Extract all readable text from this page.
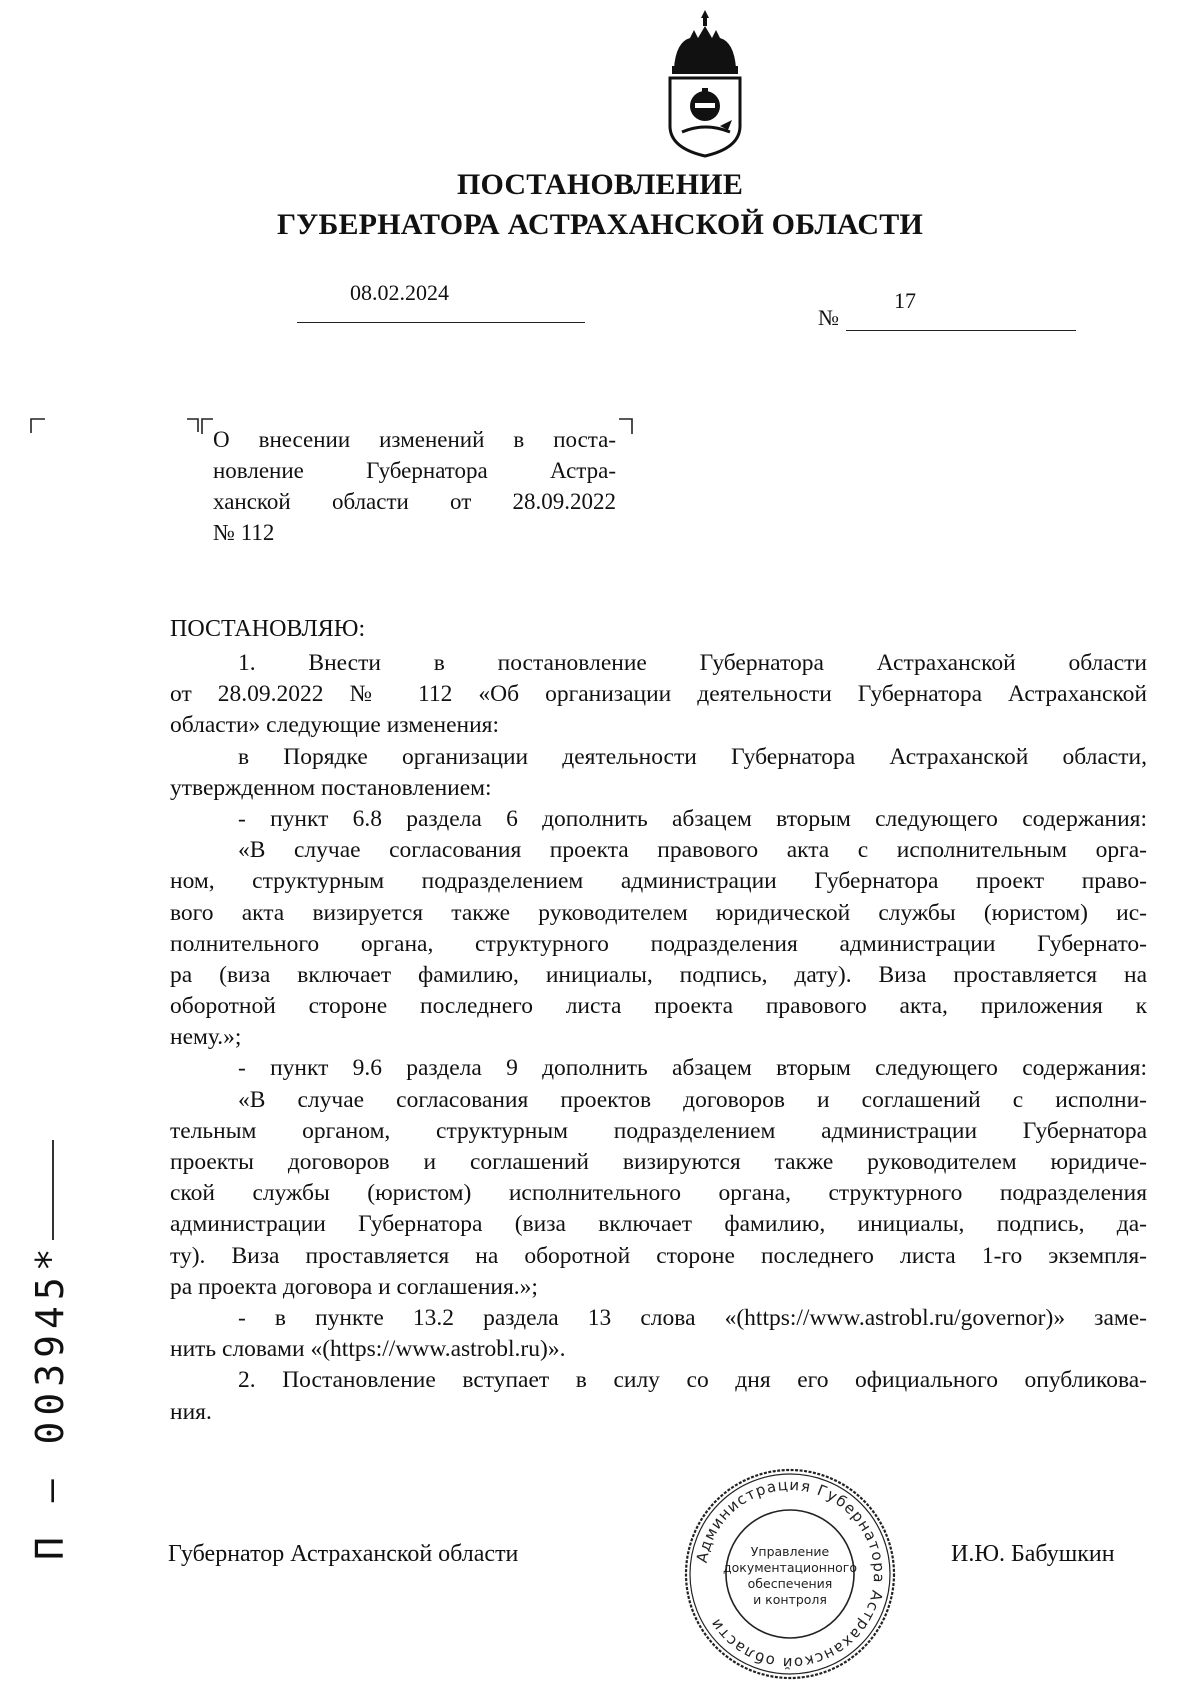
ПОСТАНОВЛЕНИЕ
ГУБЕРНАТОРА АСТРАХАНСКОЙ ОБЛАСТИ
08.02.2024
№
17
О внесении изменений в поста-
новление Губернатора Астра-
ханской области от 28.09.2022
№ 112
ПОСТАНОВЛЯЮ:
1. Внести в постановление Губернатора Астраханской области
от 28.09.2022 № 112 «Об организации деятельности Губернатора Астраханской
области» следующие изменения:
в Порядке организации деятельности Губернатора Астраханской области,
утвержденном постановлением:
- пункт 6.8 раздела 6 дополнить абзацем вторым следующего содержания:
«В случае согласования проекта правового акта с исполнительным орга-
ном, структурным подразделением администрации Губернатора проект право-
вого акта визируется также руководителем юридической службы (юристом) ис-
полнительного органа, структурного подразделения администрации Губернато-
ра (виза включает фамилию, инициалы, подпись, дату). Виза проставляется на
оборотной стороне последнего листа проекта правового акта, приложения к
нему.»;
- пункт 9.6 раздела 9 дополнить абзацем вторым следующего содержания:
«В случае согласования проектов договоров и соглашений с исполни-
тельным органом, структурным подразделением администрации Губернатора
проекты договоров и соглашений визируются также руководителем юридиче-
ской службы (юристом) исполнительного органа, структурного подразделения
администрации Губернатора (виза включает фамилию, инициалы, подпись, да-
ту). Виза проставляется на оборотной стороне последнего листа 1-го экземпля-
ра проекта договора и соглашения.»;
- в пункте 13.2 раздела 13 слова «(https://www.astrobl.ru/governor)» заме-
нить словами «(https://www.astrobl.ru)».
2. Постановление вступает в силу со дня его официального опубликова-
ния.
Губернатор Астраханской области	И.Ю. Бабушкин
Администрация Губернатора Астраханской области
Управление
документационного
обеспечения
и контроля
П – 003945*
